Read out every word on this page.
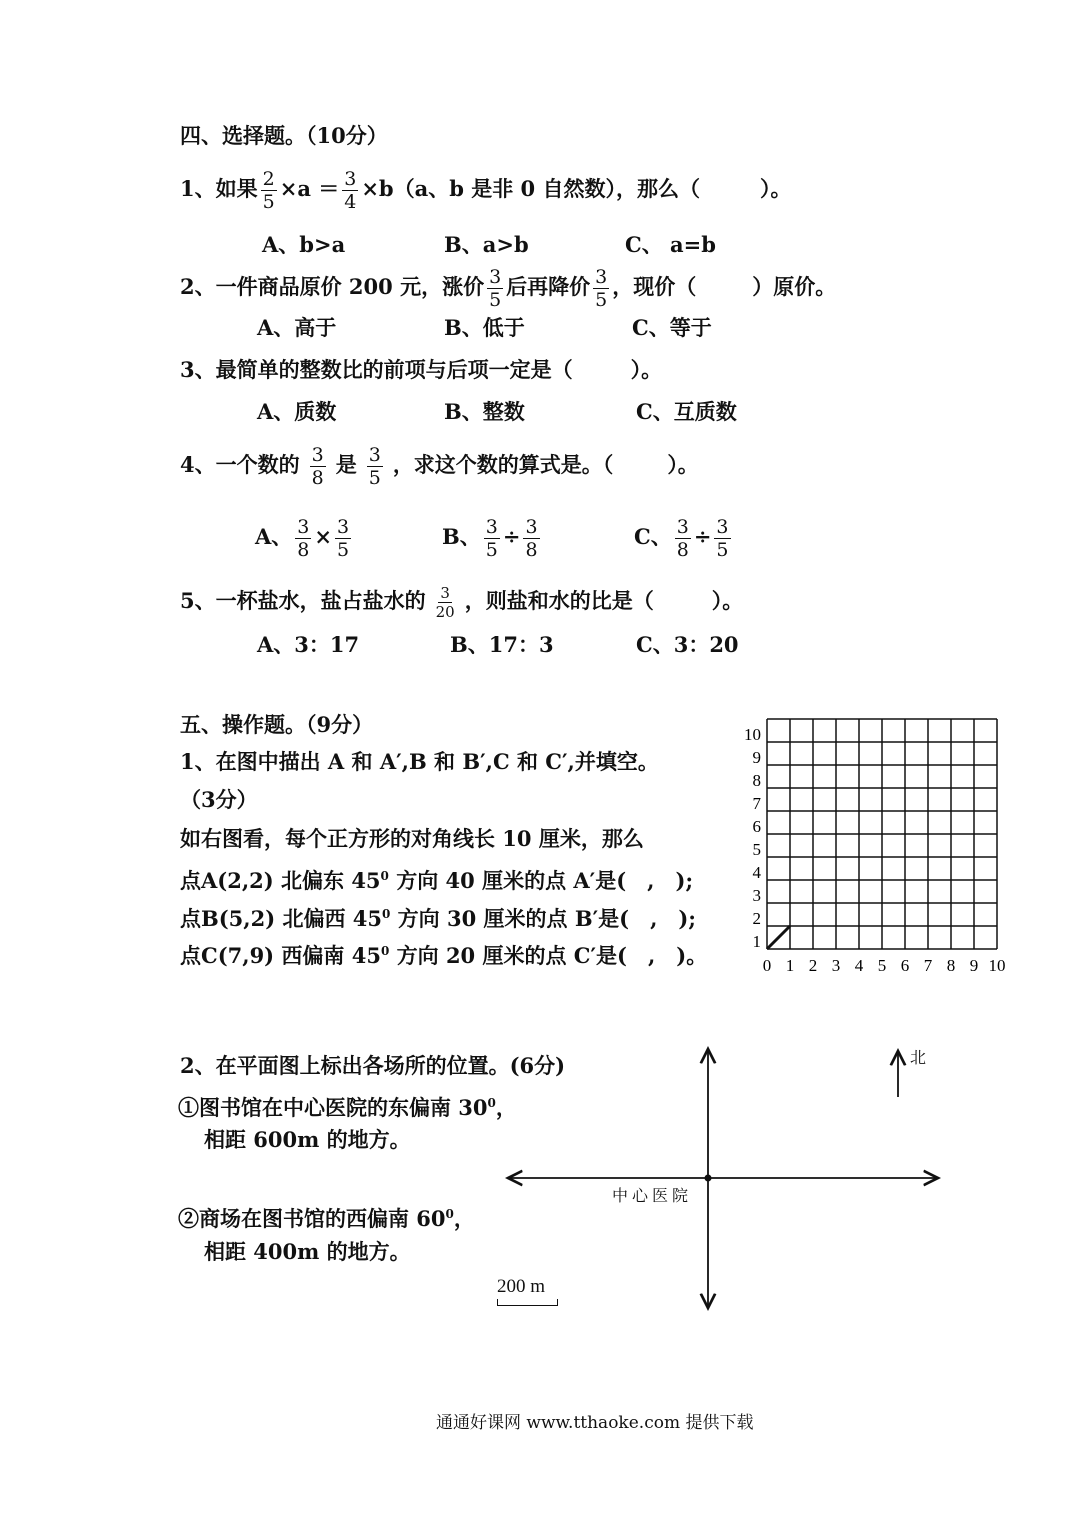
四、选择题。（10分）
1、如果 $\frac{2}{5} \times a = \frac{3}{4} \times b(a$、b 是非 0 自然数），那么（	）。
A、b>a	B、a>b	C、 a=b
2、一件商品原价 200 元，涨价 $\frac{3}{5}$ 后再降价 $\frac{3}{5}$ ，现价（	）原价。
A、高于	B、低于	C、等于
3、最简单的整数比的前项与后项一定是（	）。
A、质数	B、整数	C、互质数
4、一个数的 $\frac{3}{8}$ 是 $\frac{3}{5}$ ，求这个数的算式是。（	）。
A、 $\frac{3}{8} \times \frac{3}{5}$	B、 $\frac{3}{5} \div \frac{3}{8}$	C、 $\frac{3}{8} \div \frac{3}{5}$
5、一杯盐水，盐占盐水的 $\frac{3}{20}$ ，则盐和水的比是（	）。
A、3：17	B、17：3	C、3：20
五、操作题。（9分）
1、在图中描出 A 和 A′,B 和 B′,C 和 C′,并填空。
（3分）
如右图看，每个正方形的对角线长 10 厘米，那么
点A(2,2) 北偏东 $45^0$ 方向 40 厘米的点 A′是(　,　);
点B(5,2) 北偏西 $45^0$ 方向 30 厘米的点 B′是(　,　);
点C(7,9) 西偏南 $45^0$ 方向 20 厘米的点 C′是(　,　)。	0 1 2 3 4 5 6 7 8 9 10
1
2
3
4
5
6
7
8
9
10
2、在平面图上标出各场所的位置。(6分)
①图书馆在中心医院的东偏南 $30^0$，
相距 600m 的地方。
②商场在图书馆的西偏南 $60^0$，
相距 400m 的地方。
中心医院
北
200 m
通通好课网 www.tthaoke.com 提供下载
